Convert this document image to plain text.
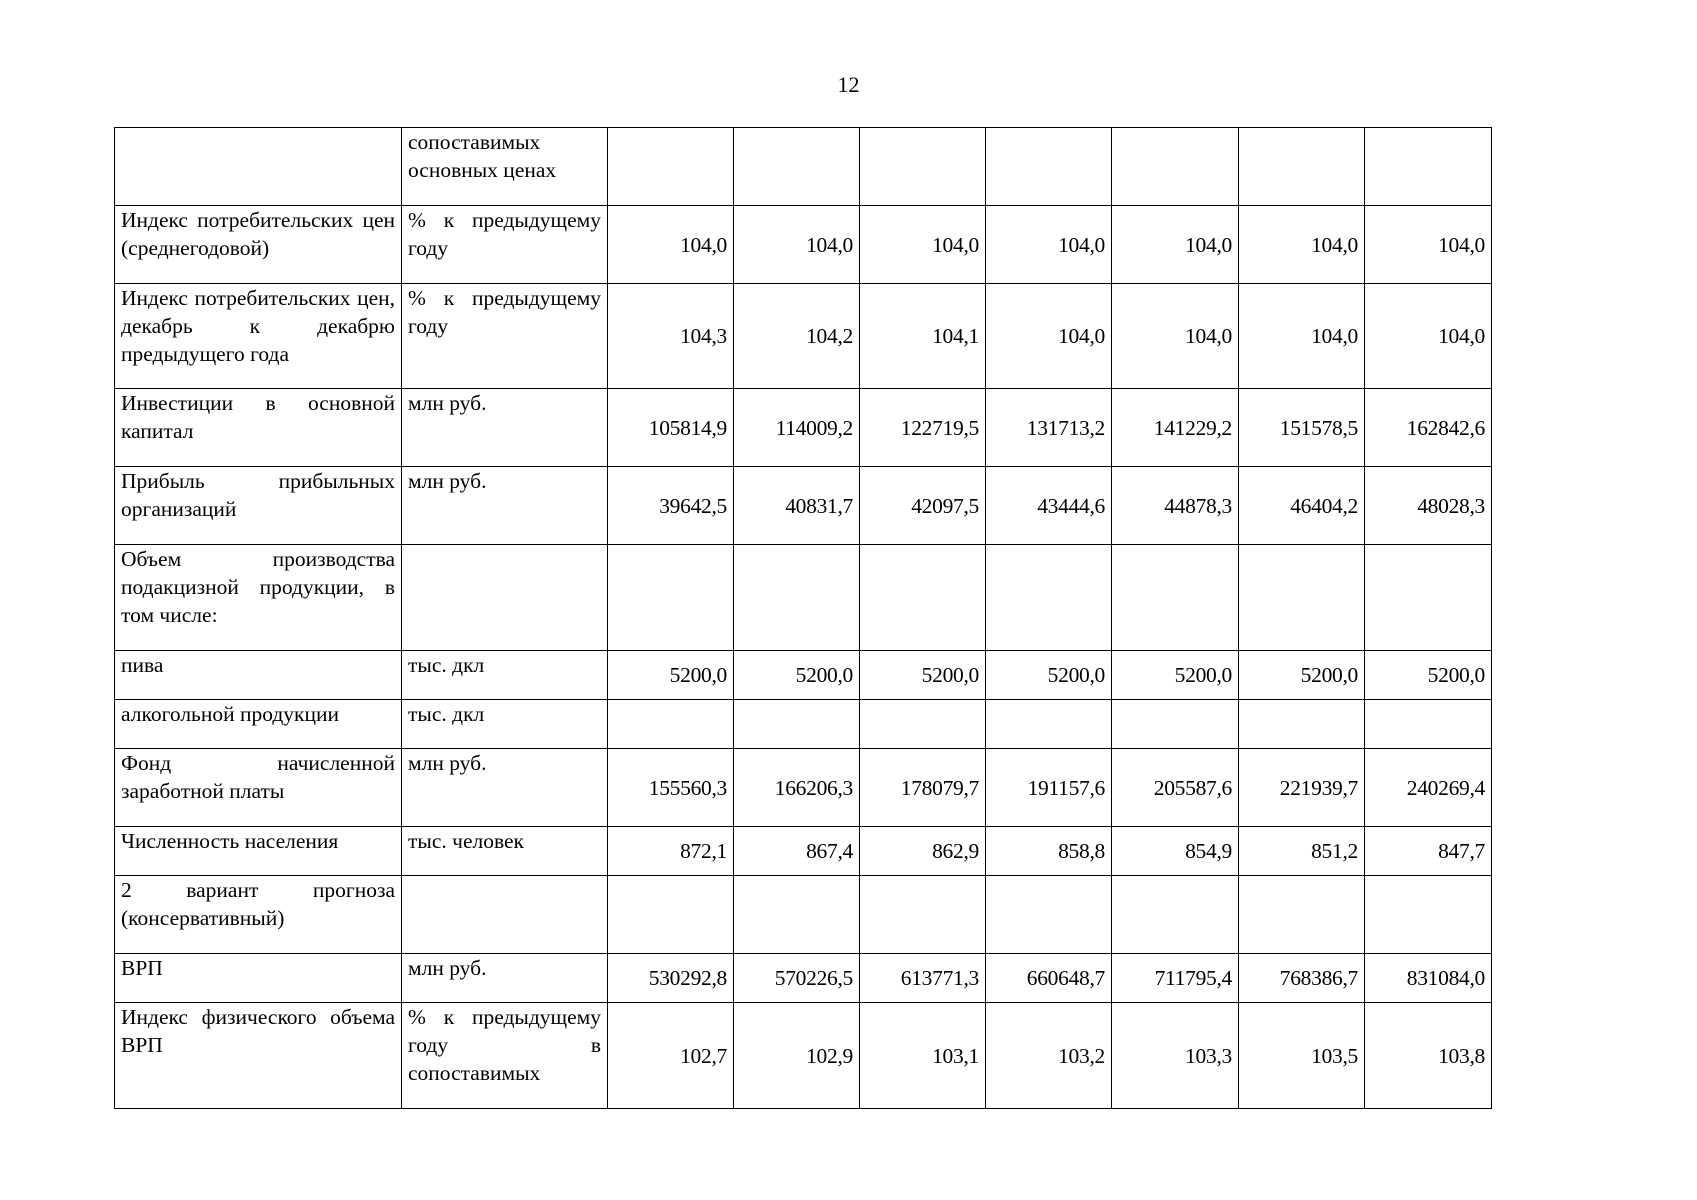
12
	сопоставимых основных ценах							
Индекс потребительских цен (среднегодовой)	% к предыдущему году	104,0	104,0	104,0	104,0	104,0	104,0	104,0
Индекс потребительских цен, декабрь к декабрю предыдущего года	% к предыдущему году	104,3	104,2	104,1	104,0	104,0	104,0	104,0
Инвестиции в основной капитал	млн руб.	105814,9	114009,2	122719,5	131713,2	141229,2	151578,5	162842,6
Прибыль прибыльных организаций	млн руб.	39642,5	40831,7	42097,5	43444,6	44878,3	46404,2	48028,3
Объем производства подакцизной продукции, в том числе:								
пива	тыс. дкл	5200,0	5200,0	5200,0	5200,0	5200,0	5200,0	5200,0
алкогольной продукции	тыс. дкл							
Фонд начисленной заработной платы	млн руб.	155560,3	166206,3	178079,7	191157,6	205587,6	221939,7	240269,4
Численность населения	тыс. человек	872,1	867,4	862,9	858,8	854,9	851,2	847,7
2 вариант прогноза (консервативный)								
ВРП	млн руб.	530292,8	570226,5	613771,3	660648,7	711795,4	768386,7	831084,0
Индекс физического объема ВРП	% к предыдущему году в сопоставимых	102,7	102,9	103,1	103,2	103,3	103,5	103,8
